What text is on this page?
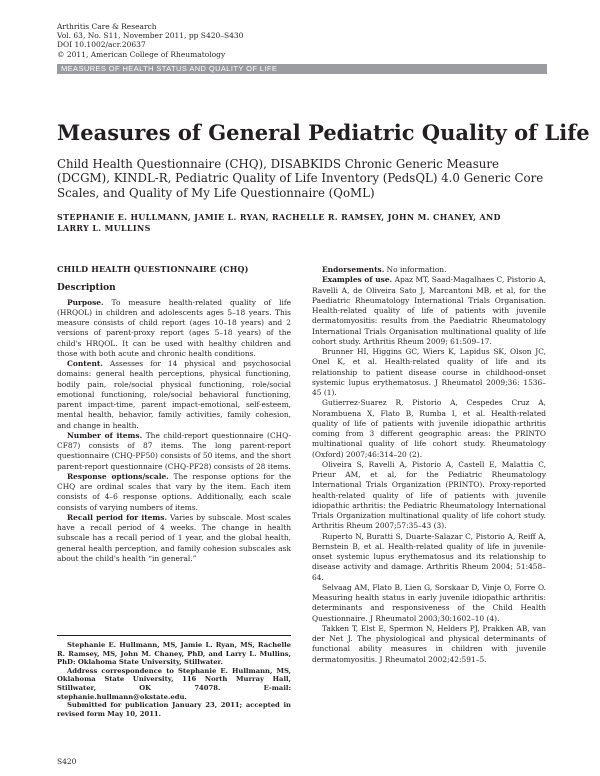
Arthritis Care & Research
Vol. 63, No. S11, November 2011, pp S420–S430
DOI 10.1002/acr.20637
© 2011, American College of Rheumatology
MEASURES OF HEALTH STATUS AND QUALITY OF LIFE
Measures of General Pediatric Quality of Life
Child Health Questionnaire (CHQ), DISABKIDS Chronic Generic Measure (DCGM), KINDL-R, Pediatric Quality of Life Inventory (PedsQL) 4.0 Generic Core Scales, and Quality of My Life Questionnaire (QoML)
STEPHANIE E. HULLMANN, JAMIE L. RYAN, RACHELLE R. RAMSEY, JOHN M. CHANEY, AND
LARRY L. MULLINS
CHILD HEALTH QUESTIONNAIRE (CHQ)
Description

Purpose. To measure health-related quality of life (HRQOL) in children and adolescents ages 5–18 years. This measure consists of child report (ages 10–18 years) and 2 versions of parent-proxy report (ages 5–18 years) of the child's HRQOL. It can be used with healthy children and those with both acute and chronic health conditions.

Content. Assesses for 14 physical and psychosocial domains: general health perceptions, physical functioning, bodily pain, role/social physical functioning, role/social emotional functioning, role/social behavioral functioning, parent impact-time, parent impact-emotional, self-esteem, mental health, behavior, family activities, family cohesion, and change in health.

Number of items. The child-report questionnaire (CHQ-CF87) consists of 87 items. The long parent-report questionnaire (CHQ-PF50) consists of 50 items, and the short parent-report questionnaire (CHQ-PF28) consists of 28 items.

Response options/scale. The response options for the CHQ are ordinal scales that vary by the item. Each item consists of 4–6 response options. Additionally, each scale consists of varying numbers of items.

Recall period for items. Varies by subscale. Most scales have a recall period of 4 weeks. The change in health subscale has a recall period of 1 year, and the global health, general health perception, and family cohesion subscales ask about the child's health “in general.”

Stephanie E. Hullmann, MS, Jamie L. Ryan, MS, Rachelle R. Ramsey, MS, John M. Chaney, PhD, and Larry L. Mullins, PhD: Oklahoma State University, Stillwater.

Address correspondence to Stephanie E. Hullmann, MS, Oklahoma State University, 116 North Murray Hall, Stillwater, OK 74078. E-mail: stephanie.hullmann@okstate.edu.

Submitted for publication January 23, 2011; accepted in revised form May 10, 2011.

Endorsements. No information.

Examples of use. Apaz MT, Saad-Magalhaes C, Pistorio A, Ravelli A, de Oliveira Sato J, Marcantoni MB, et al, for the Paediatric Rheumatology International Trials Organisation. Health-related quality of life of patients with juvenile dermatomyositis: results from the Paediatric Rheumatology International Trials Organisation multinational quality of life cohort study. Arthritis Rheum 2009; 61:509–17.

Brunner HI, Higgins GC, Wiers K, Lapidus SK, Olson JC, Onel K, et al. Health-related quality of life and its relationship to patient disease course in childhood-onset systemic lupus erythematosus. J Rheumatol 2009;36: 1536–45 (1).

Gutierrez-Suarez R, Pistorio A, Cespedes Cruz A, Norambuena X, Flato B, Rumba I, et al. Health-related quality of life of patients with juvenile idiopathic arthritis coming from 3 different geographic areas: the PRINTO multinational quality of life cohort study. Rheumatology (Oxford) 2007;46:314–20 (2).

Oliveira S, Ravelli A, Pistorio A, Castell E, Malattia C, Prieur AM, et al, for the Pediatric Rheumatology International Trials Organization (PRINTO). Proxy-reported health-related quality of life of patients with juvenile idiopathic arthritis: the Pediatric Rheumatology International Trials Organization multinational quality of life cohort study. Arthritis Rheum 2007;57:35–43 (3).

Ruperto N, Buratti S, Duarte-Salazar C, Pistorio A, Reiff A, Bernstein B, et al. Health-related quality of life in juvenile-onset systemic lupus erythematosus and its relationship to disease activity and damage. Arthritis Rheum 2004; 51:458–64.

Selvaag AM, Flato B, Lien G, Sorskaar D, Vinje O, Forre O. Measuring health status in early juvenile idiopathic arthritis: determinants and responsiveness of the Child Health Questionnaire. J Rheumatol 2003;30:1602–10 (4).

Takken T, Elst E, Spermon N, Helders PJ, Prakken AB, van der Net J. The physiological and physical determinants of functional ability measures in children with juvenile dermatomyositis. J Rheumatol 2002;42:591–5.

S420
